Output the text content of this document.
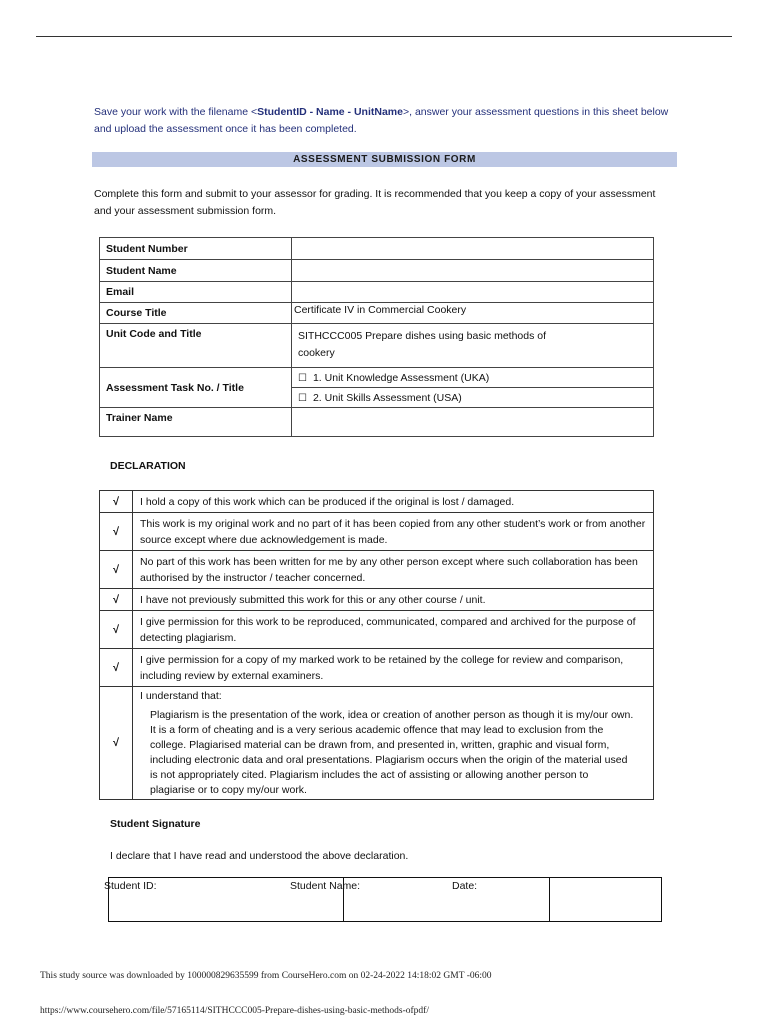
Save your work with the filename <StudentID - Name - UnitName>, answer your assessment questions in this sheet below
and upload the assessment once it has been completed.
ASSESSMENT SUBMISSION FORM
Complete this form and submit to your assessor for grading. It is recommended that you keep a copy of your assessment
and your assessment submission form.
Student Number	
Student Name	
Email	
Course Title	Certificate IV in Commercial Cookery
Unit Code and Title	SITHCCC005 Prepare dishes using basic methods of
cookery
Assessment Task No. / Title	☐ 1. Unit Knowledge Assessment (UKA)
	☐ 2. Unit Skills Assessment (USA)
Trainer Name	
DECLARATION
√	I hold a copy of this work which can be produced if the original is lost / damaged.
√	This work is my original work and no part of it has been copied from any other student’s work or from another source except where due acknowledgement is made.
√	No part of this work has been written for me by any other person except where such collaboration has been authorised by the instructor / teacher concerned.
√	I have not previously submitted this work for this or any other course / unit.
√	I give permission for this work to be reproduced, communicated, compared and archived for the purpose of detecting plagiarism.
√	I give permission for a copy of my marked work to be retained by the college for review and comparison, including review by external examiners.
√	I understand that:
Plagiarism is the presentation of the work, idea or creation of another person as though it is my/our own. It is a form of cheating and is a very serious academic offence that may lead to exclusion from the college. Plagiarised material can be drawn from, and presented in, written, graphic and visual form, including electronic data and oral presentations. Plagiarism occurs when the origin of the material used is not appropriately cited. Plagiarism includes the act of assisting or allowing another person to plagiarise or to copy my/our work.
Student Signature
I declare that I have read and understood the above declaration.

Student ID:	Student Name:	Date:
This study source was downloaded by 100000829635599 from CourseHero.com on 02-24-2022 14:18:02 GMT -06:00
https://www.coursehero.com/file/57165114/SITHCCC005-Prepare-dishes-using-basic-methods-ofpdf/
